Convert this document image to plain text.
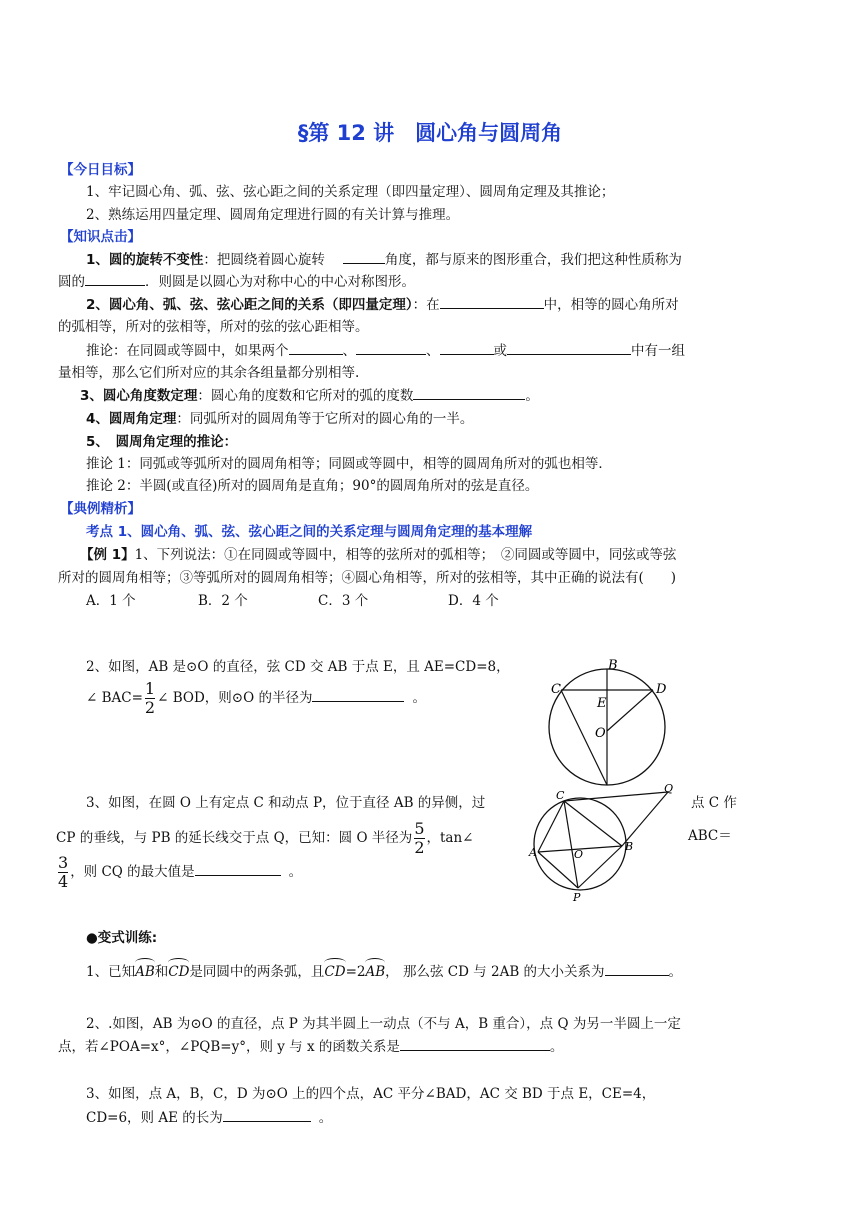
§第 12 讲　圆心角与圆周角
【今日目标】
1、牢记圆心角、弧、弦、弦心距之间的关系定理（即四量定理）、圆周角定理及其推论；
2、熟练运用四量定理、圆周角定理进行圆的有关计算与推理。
【知识点击】
1、圆的旋转不变性：把圆绕着圆心旋转	角度，都与原来的图形重合，我们把这种性质称为
圆的	．则圆是以圆心为对称中心的中心对称图形。
2、圆心角、弧、弦、弦心距之间的关系（即四量定理）：在	中，相等的圆心角所对
的弧相等，所对的弦相等，所对的弦的弦心距相等。
推论：在同圆或等圆中，如果两个	、	、	或	中有一组
量相等，那么它们所对应的其余各组量都分别相等.
3、圆心角度数定理：圆心角的度数和它所对的弧的度数	。
4、圆周角定理：同弧所对的圆周角等于它所对的圆心角的一半。
5、　圆周角定理的推论：
推论 1：同弧或等弧所对的圆周角相等；同圆或等圆中，相等的圆周角所对的弧也相等．
推论 2：半圆(或直径)所对的圆周角是直角；90°的圆周角所对的弦是直径。
【典例精析】
考点 1、圆心角、弧、弦、弦心距之间的关系定理与圆周角定理的基本理解
【例 1】1、下列说法：①在同圆或等圆中，相等的弦所对的弧相等；　②同圆或等圆中，同弦或等弦
所对的圆周角相等；③等弧所对的圆周角相等；④圆心角相等，所对的弦相等，其中正确的说法有(　　)
A．1 个	B．2 个	C．3 个	D．4 个
2、如图，AB 是⊙O 的直径，弦 CD 交 AB 于点 E，且 AE=CD=8，
∠ $BAC= \frac{1}{2}$ ∠ BOD，则⊙O 的半径为	。
B
C	D
E
O
3、如图，在圆 O 上有定点 C 和动点 P，位于直径 AB 的异侧，过	点 C 作
CP 的垂线，与 PB 的延长线交于点 Q，已知：圆 O 半径为 $\frac{5}{2}$ ，tan∠	ABC＝
$\frac{3}{4}$ ，则 CQ 的最大值是	。
Q
C
A	O
B
P
●变式训练:
1、已知AB和CD是同圆中的两条弧，且CD=2AB， 那么弦 CD 与 2AB 的大小关系为	。
2、.如图，AB 为⊙O 的直径，点 P 为其半圆上一动点（不与 A，B 重合），点 Q 为另一半圆上一定
点，若∠POA=x°，∠PQB=y°，则 y 与 x 的函数关系是	。
3、如图，点 A，B，C，D 为⊙O 上的四个点，AC 平分∠BAD，AC 交 BD 于点 E，CE=4，
CD=6，则 AE 的长为	。
